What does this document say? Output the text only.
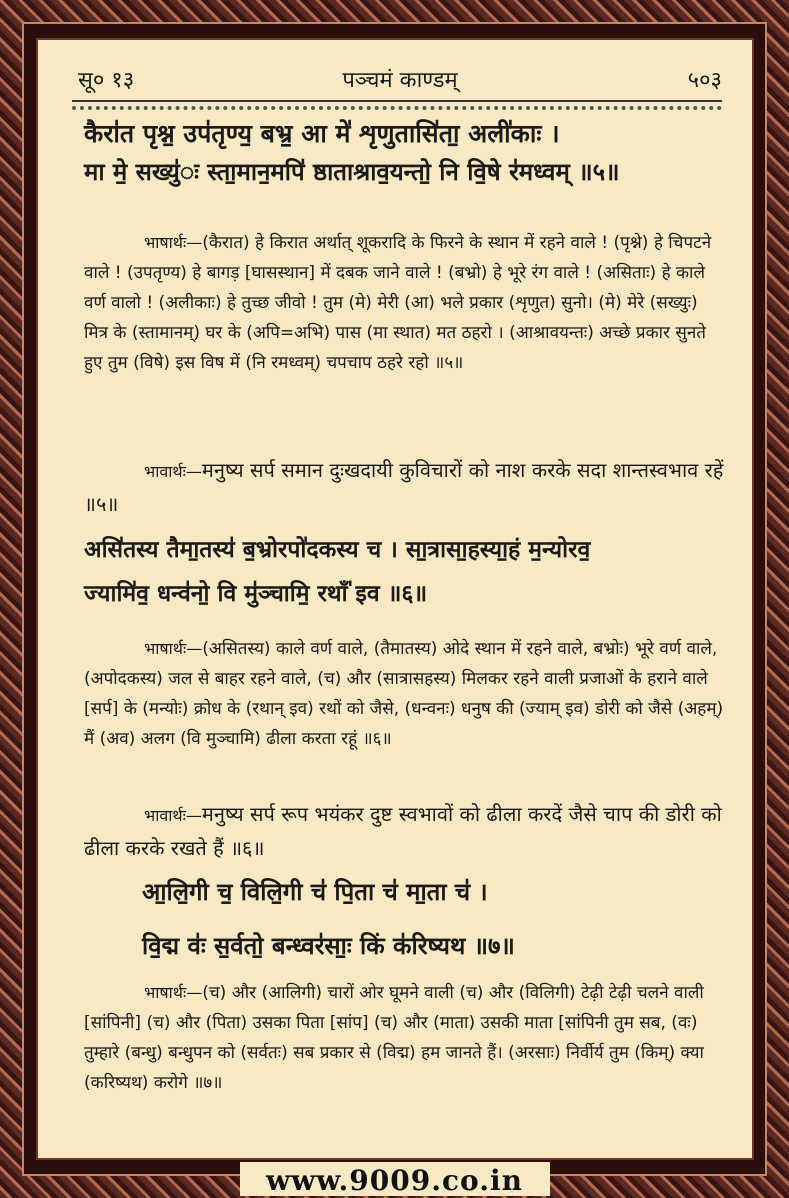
सू० १३	पञ्चमं काण्डम्	५०३
कैरा॑त पृश्न॒ उप॑तृण्य॒ बभ्र॒ आ मे॑ शृणुतासि॑ता॒ अली॑काः ।
मा मे॒ सख्यु॑ः स्ता॒मान॒मपि॑ ष्ठाताश्राव॒यन्तो॒ नि वि॒षे र॑मध्वम् ॥५॥
भाषार्थः—(कैरात) हे किरात अर्थात् शूकरादि के फिरने के स्थान में रहने वाले ! (पृश्ने) हे चिपटने वाले ! (उपतृण्य) हे बागड़ [घासस्थान] में दबक जाने वाले ! (बभ्रो) हे भूरे रंग वाले ! (असिताः) हे काले वर्ण वालो ! (अलीकाः) हे तुच्छ जीवो ! तुम (मे) मेरी (आ) भले प्रकार (शृणुत) सुनो। (मे) मेरे (सख्युः) मित्र के (स्तामानम्) घर के (अपि=अभि) पास (मा स्थात) मत ठहरो । (आश्रावयन्तः) अच्छे प्रकार सुनते हुए तुम (विषे) इस विष में (नि रमध्वम्) चपचाप ठहरे रहो ॥५॥
भावार्थः—मनुष्य सर्प समान दुःखदायी कुविचारों को नाश करके सदा शान्तस्वभाव रहें ॥५॥
असि॑तस्य तैमा॒तस्य॑ ब॒भ्रोरपो॑दकस्य च । सा॒त्रासा॒हस्या॒हं म॒न्योरव॒
ज्यामि॑व॒ धन्व॑नो॒ वि मु॑ञ्चामि॒ रथाँ॑ इव ॥६॥
भाषार्थः—(असितस्य) काले वर्ण वाले, (तैमातस्य) ओदे स्थान में रहने वाले, बभ्रोः) भूरे वर्ण वाले, (अपोदकस्य) जल से बाहर रहने वाले, (च) और (सात्रासहस्य) मिलकर रहने वाली प्रजाओं के हराने वाले [सर्प] के (मन्योः) क्रोध के (रथान् इव) रथों को जैसे, (धन्वनः) धनुष की (ज्याम् इव) डोरी को जैसे (अहम्) मैं (अव) अलग (वि मुञ्चामि) ढीला करता रहूं ॥६॥
भावार्थः—मनुष्य सर्प रूप भयंकर दुष्ट स्वभावों को ढीला करदें जैसे चाप की डोरी को ढीला करके रखते हैं ॥६॥
आ॒लि॒गी च॒ विलि॒गी च॑ पि॒ता च॑ मा॒ता च॑ ।
वि॒द्म वः॑ स॒र्वतो॒ बन्ध्वर॑साः॒ किं क॑रिष्यथ ॥७॥
भाषार्थः—(च) और (आलिगी) चारों ओर घूमने वाली (च) और (विलिगी) टेढ़ी टेढ़ी चलने वाली [सांपिनी] (च) और (पिता) उसका पिता [सांप] (च) और (माता) उसकी माता [सांपिनी तुम सब, (वः) तुम्हारे (बन्धु) बन्धुपन को (सर्वतः) सब प्रकार से (विद्म) हम जानते हैं। (अरसाः) निर्वीर्य तुम (किम्) क्या (करिष्यथ) करोगे ॥७॥
www.9009.co.in
